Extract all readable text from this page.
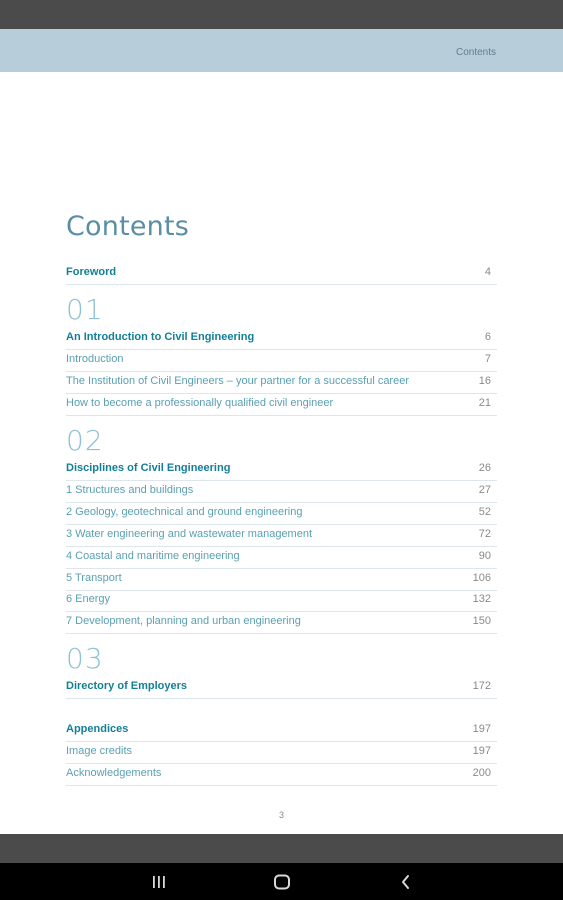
Contents
Contents
Foreword	4
01
An Introduction to Civil Engineering	6
Introduction	7
The Institution of Civil Engineers – your partner for a successful career	16
How to become a professionally qualified civil engineer	21
02
Disciplines of Civil Engineering	26
1 Structures and buildings	27
2 Geology, geotechnical and ground engineering	52
3 Water engineering and wastewater management	72
4 Coastal and maritime engineering	90
5 Transport	106
6 Energy	132
7 Development, planning and urban engineering	150
03
Directory of Employers	172
Appendices	197
Image credits	197
Acknowledgements	200
3
